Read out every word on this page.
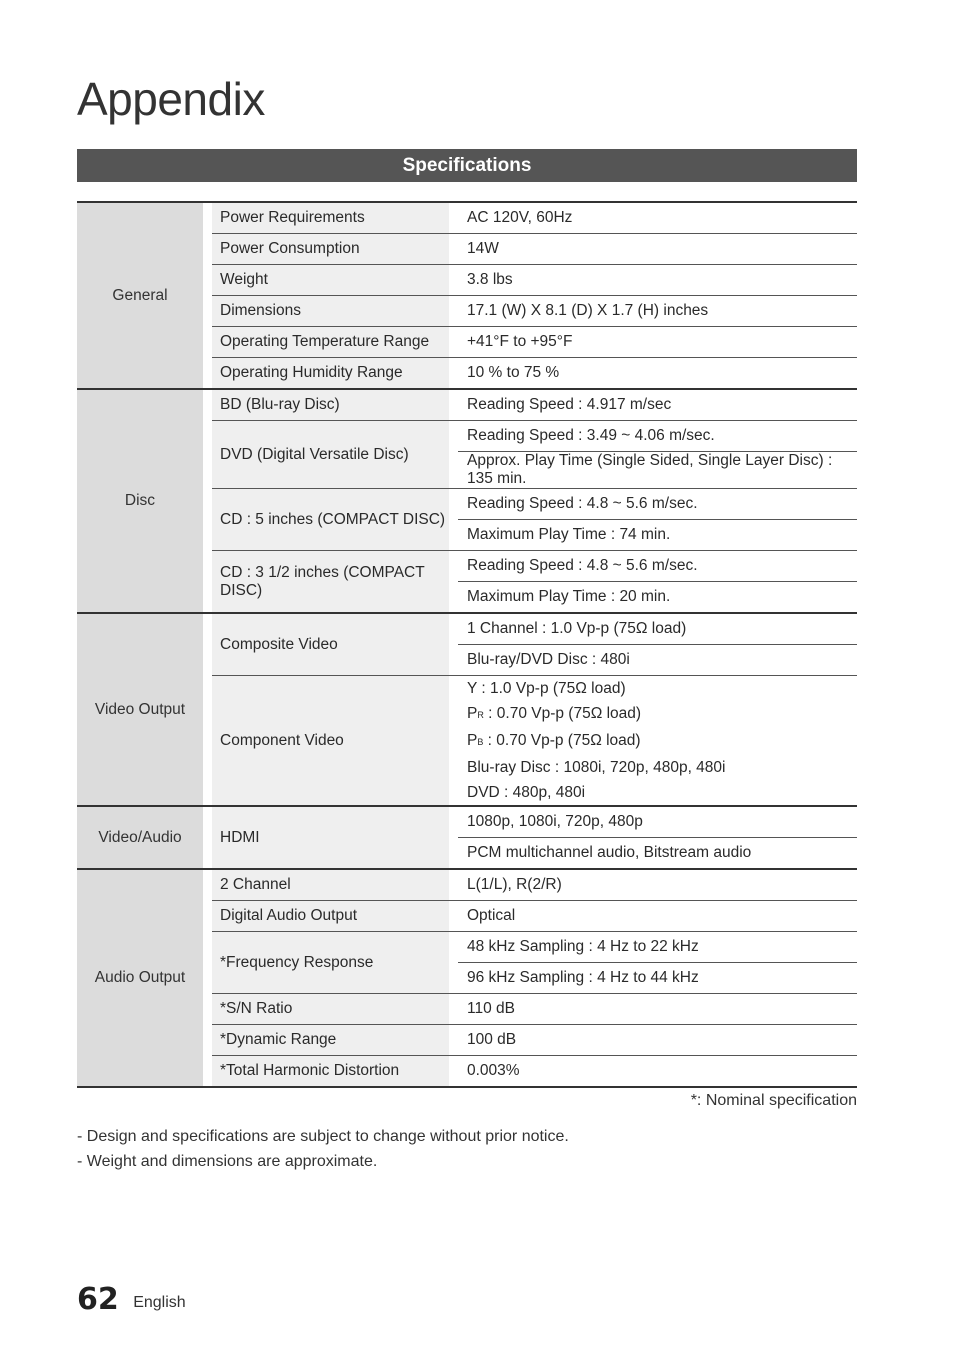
Appendix
Specifications
General		Power Requirements		AC 120V, 60Hz
		Power Consumption		14W
		Weight		3.8 lbs
		Dimensions		17.1 (W) X 8.1 (D) X 1.7 (H) inches
		Operating Temperature Range		+41°F to +95°F
		Operating Humidity Range		10 % to 75 %
Disc		BD (Blu-ray Disc)		Reading Speed : 4.917 m/sec
		DVD (Digital Versatile Disc)		Reading Speed : 3.49 ~ 4.06 m/sec.
				Approx. Play Time (Single Sided, Single Layer Disc) : 135 min.
		CD : 5 inches (COMPACT DISC)		Reading Speed : 4.8 ~ 5.6 m/sec.
				Maximum Play Time : 74 min.
		CD : 3 1/2 inches (COMPACT DISC)		Reading Speed : 4.8 ~ 5.6 m/sec.
				Maximum Play Time : 20 min.
Video Output		Composite Video		1 Channel : 1.0 Vp-p (75Ω load)
				Blu-ray/DVD Disc : 480i
		Component Video		Y : 1.0 Vp-p (75Ω load)
PR : 0.70 Vp-p (75Ω load)
PB : 0.70 Vp-p (75Ω load)
Blu-ray Disc : 1080i, 720p, 480p, 480i
DVD : 480p, 480i

Video/Audio		HDMI		1080p, 1080i, 720p, 480p
				PCM multichannel audio, Bitstream audio
Audio Output		2 Channel		L(1/L), R(2/R)
		Digital Audio Output		Optical
		*Frequency Response		48 kHz Sampling : 4 Hz to 22 kHz
				96 kHz Sampling : 4 Hz to 44 kHz
		*S/N Ratio		110 dB
		*Dynamic Range		100 dB
		*Total Harmonic Distortion		0.003%
*: Nominal specification
- Design and specifications are subject to change without prior notice.
- Weight and dimensions are approximate.
62 English
